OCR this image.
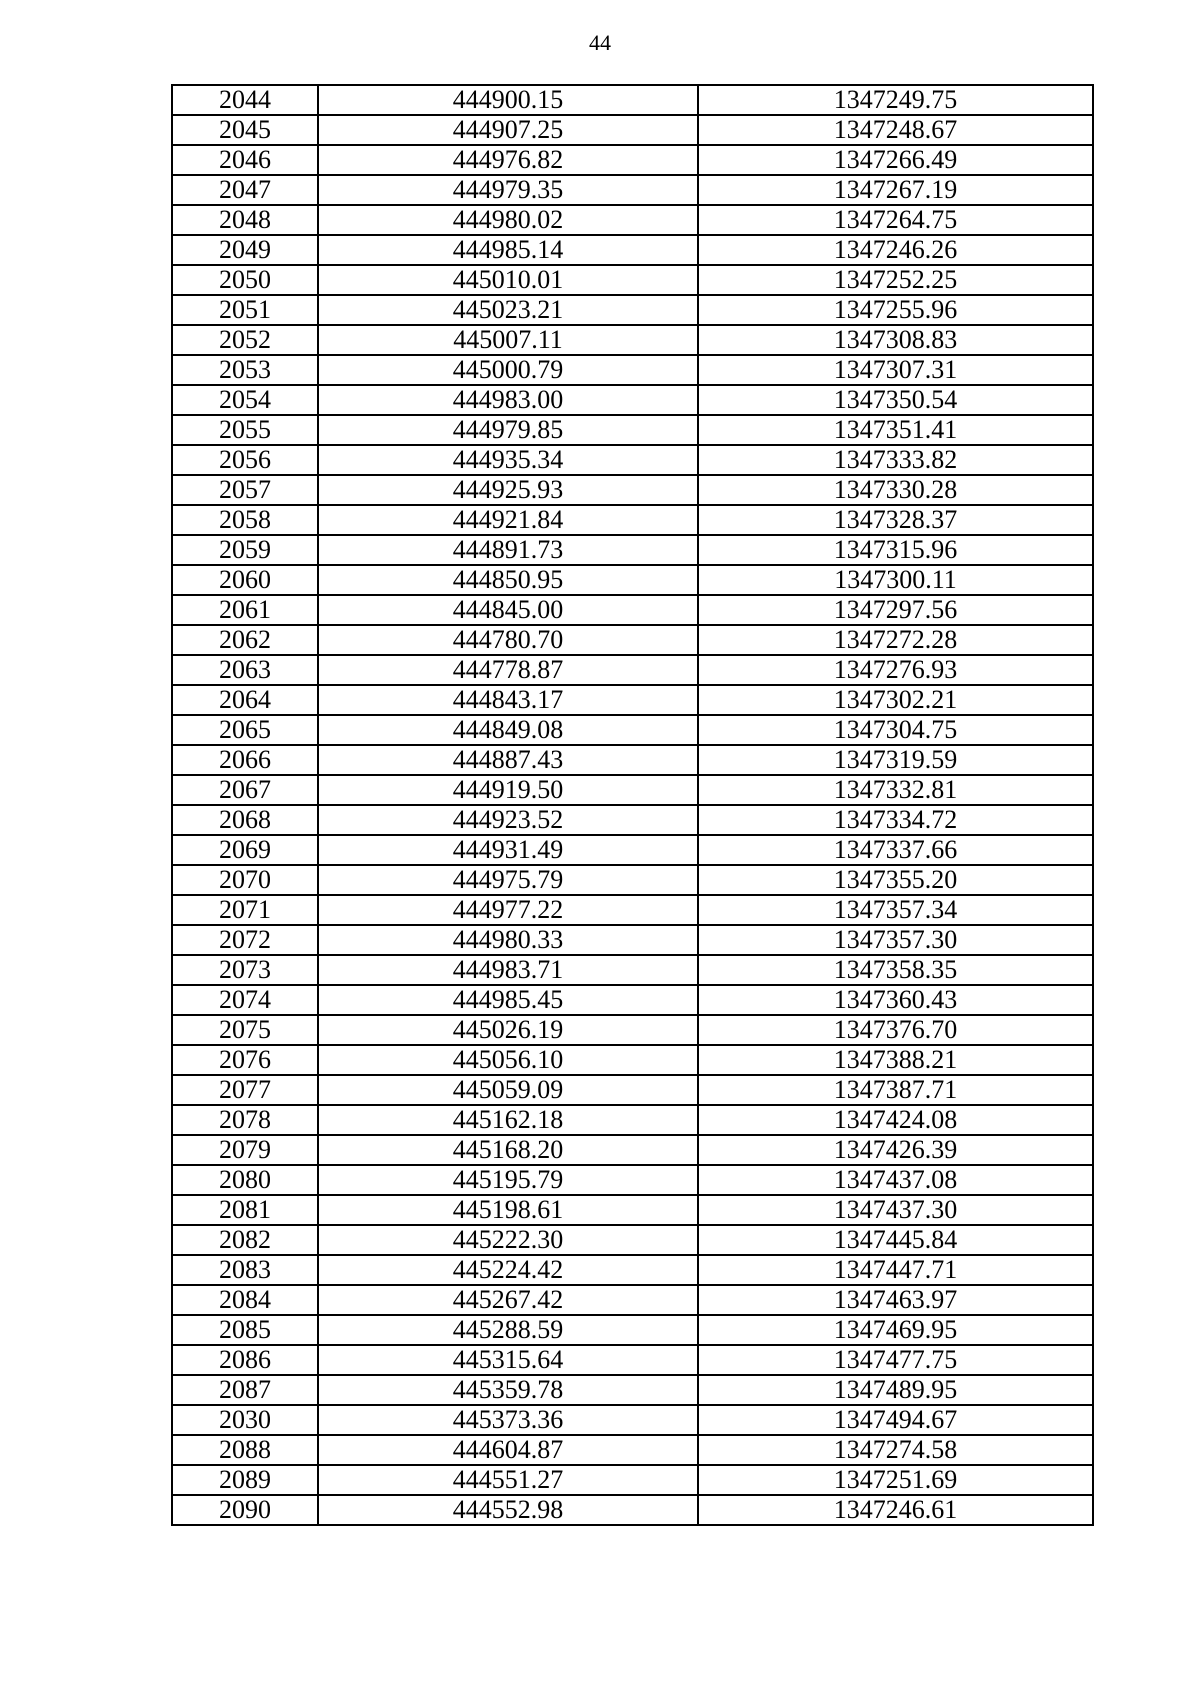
44
2044	444900.15	1347249.75
2045	444907.25	1347248.67
2046	444976.82	1347266.49
2047	444979.35	1347267.19
2048	444980.02	1347264.75
2049	444985.14	1347246.26
2050	445010.01	1347252.25
2051	445023.21	1347255.96
2052	445007.11	1347308.83
2053	445000.79	1347307.31
2054	444983.00	1347350.54
2055	444979.85	1347351.41
2056	444935.34	1347333.82
2057	444925.93	1347330.28
2058	444921.84	1347328.37
2059	444891.73	1347315.96
2060	444850.95	1347300.11
2061	444845.00	1347297.56
2062	444780.70	1347272.28
2063	444778.87	1347276.93
2064	444843.17	1347302.21
2065	444849.08	1347304.75
2066	444887.43	1347319.59
2067	444919.50	1347332.81
2068	444923.52	1347334.72
2069	444931.49	1347337.66
2070	444975.79	1347355.20
2071	444977.22	1347357.34
2072	444980.33	1347357.30
2073	444983.71	1347358.35
2074	444985.45	1347360.43
2075	445026.19	1347376.70
2076	445056.10	1347388.21
2077	445059.09	1347387.71
2078	445162.18	1347424.08
2079	445168.20	1347426.39
2080	445195.79	1347437.08
2081	445198.61	1347437.30
2082	445222.30	1347445.84
2083	445224.42	1347447.71
2084	445267.42	1347463.97
2085	445288.59	1347469.95
2086	445315.64	1347477.75
2087	445359.78	1347489.95
2030	445373.36	1347494.67
2088	444604.87	1347274.58
2089	444551.27	1347251.69
2090	444552.98	1347246.61
